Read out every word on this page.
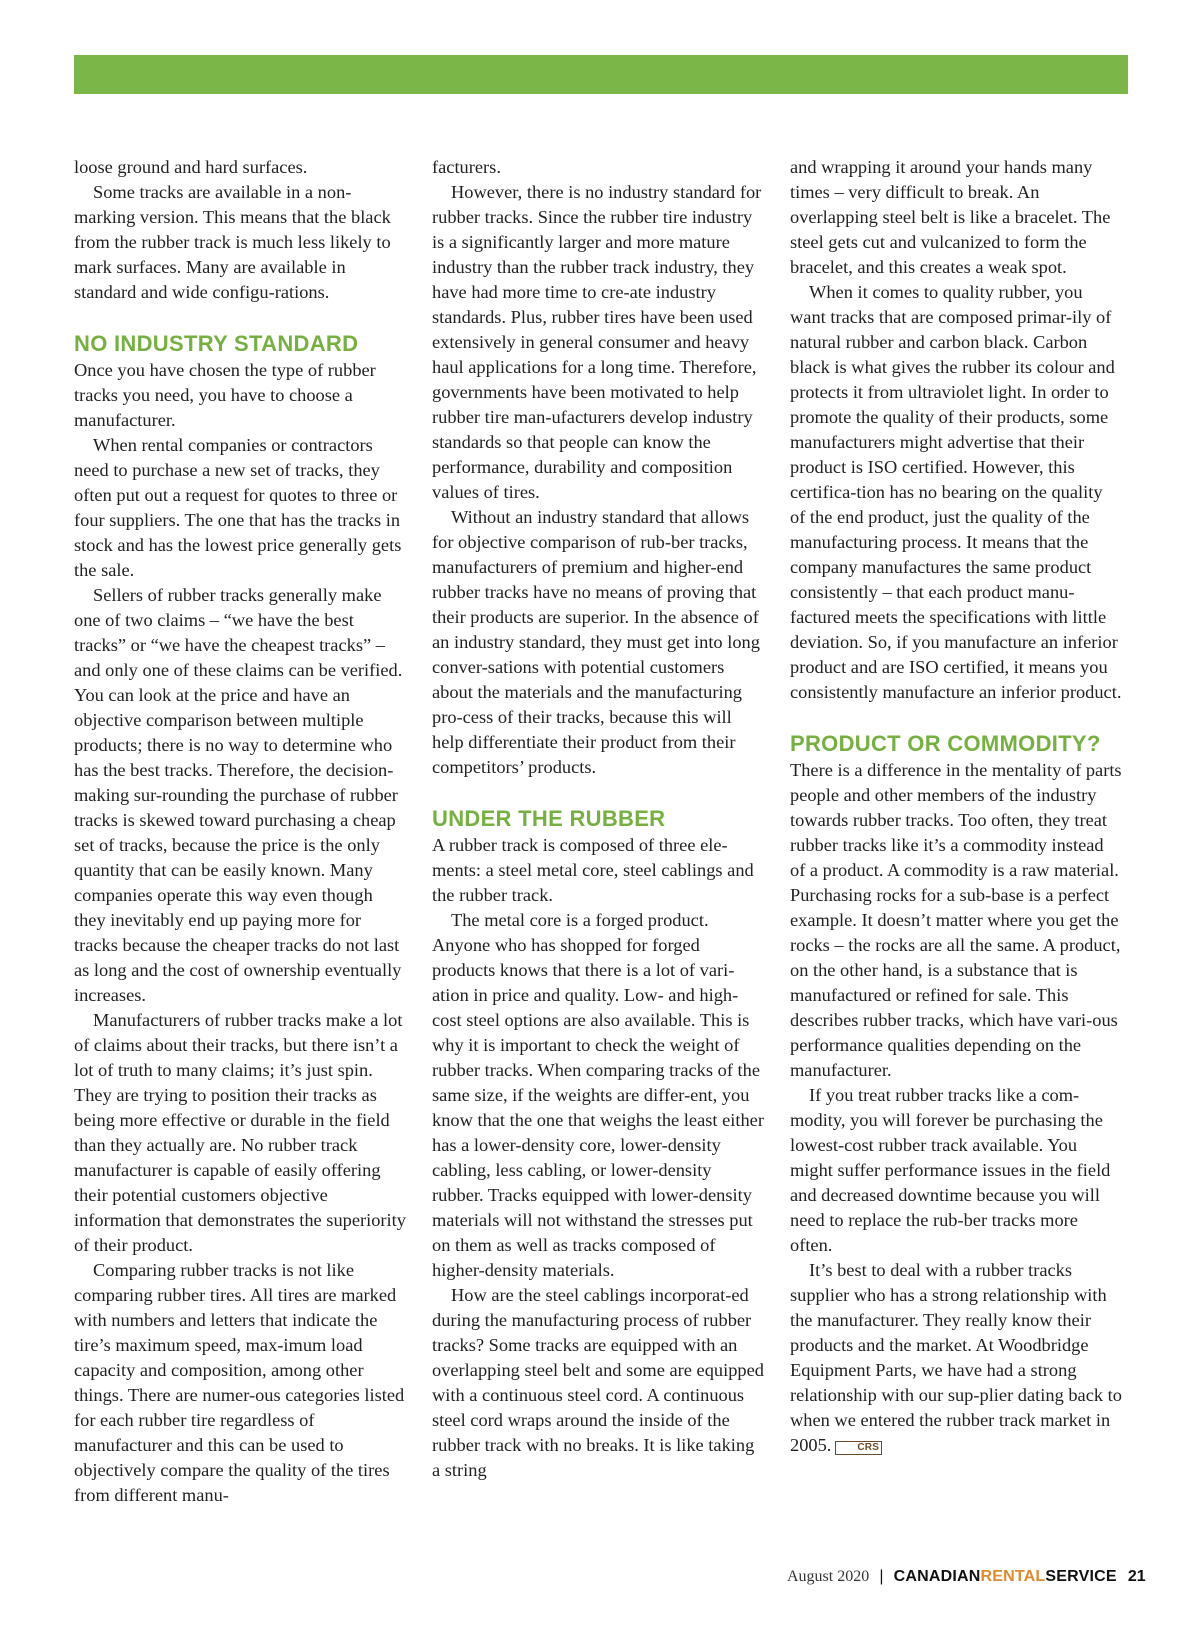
loose ground and hard surfaces.

Some tracks are available in a non-marking version. This means that the black from the rubber track is much less likely to mark surfaces. Many are available in standard and wide configu-rations.

NO INDUSTRY STANDARD

Once you have chosen the type of rubber tracks you need, you have to choose a manufacturer.

When rental companies or contractors need to purchase a new set of tracks, they often put out a request for quotes to three or four suppliers. The one that has the tracks in stock and has the lowest price generally gets the sale.

Sellers of rubber tracks generally make one of two claims – “we have the best tracks” or “we have the cheapest tracks” – and only one of these claims can be verified. You can look at the price and have an objective comparison between multiple products; there is no way to determine who has the best tracks. Therefore, the decision-making sur-rounding the purchase of rubber tracks is skewed toward purchasing a cheap set of tracks, because the price is the only quantity that can be easily known. Many companies operate this way even though they inevitably end up paying more for tracks because the cheaper tracks do not last as long and the cost of ownership eventually increases.

Manufacturers of rubber tracks make a lot of claims about their tracks, but there isn’t a lot of truth to many claims; it’s just spin. They are trying to position their tracks as being more effective or durable in the field than they actually are. No rubber track manufacturer is capable of easily offering their potential customers objective information that demonstrates the superiority of their product.

Comparing rubber tracks is not like comparing rubber tires. All tires are marked with numbers and letters that indicate the tire’s maximum speed, max-imum load capacity and composition, among other things. There are numer-ous categories listed for each rubber tire regardless of manufacturer and this can be used to objectively compare the quality of the tires from different manu-

facturers.

However, there is no industry standard for rubber tracks. Since the rubber tire industry is a significantly larger and more mature industry than the rubber track industry, they have had more time to cre-ate industry standards. Plus, rubber tires have been used extensively in general consumer and heavy haul applications for a long time. Therefore, governments have been motivated to help rubber tire man-ufacturers develop industry standards so that people can know the performance, durability and composition values of tires.

Without an industry standard that allows for objective comparison of rub-ber tracks, manufacturers of premium and higher-end rubber tracks have no means of proving that their products are superior. In the absence of an industry standard, they must get into long conver-sations with potential customers about the materials and the manufacturing pro-cess of their tracks, because this will help differentiate their product from their competitors’ products.

UNDER THE RUBBER

A rubber track is composed of three ele-ments: a steel metal core, steel cablings and the rubber track.

The metal core is a forged product. Anyone who has shopped for forged products knows that there is a lot of vari-ation in price and quality. Low- and high-cost steel options are also available. This is why it is important to check the weight of rubber tracks. When comparing tracks of the same size, if the weights are differ-ent, you know that the one that weighs the least either has a lower-density core, lower-density cabling, less cabling, or lower-density rubber. Tracks equipped with lower-density materials will not withstand the stresses put on them as well as tracks composed of higher-density materials.

How are the steel cablings incorporat-ed during the manufacturing process of rubber tracks? Some tracks are equipped with an overlapping steel belt and some are equipped with a continuous steel cord. A continuous steel cord wraps around the inside of the rubber track with no breaks. It is like taking a string

and wrapping it around your hands many times – very difficult to break. An overlapping steel belt is like a bracelet. The steel gets cut and vulcanized to form the bracelet, and this creates a weak spot.

When it comes to quality rubber, you want tracks that are composed primar-ily of natural rubber and carbon black. Carbon black is what gives the rubber its colour and protects it from ultraviolet light. In order to promote the quality of their products, some manufacturers might advertise that their product is ISO certified. However, this certifica-tion has no bearing on the quality of the end product, just the quality of the manufacturing process. It means that the company manufactures the same product consistently – that each product manu-factured meets the specifications with little deviation. So, if you manufacture an inferior product and are ISO certified, it means you consistently manufacture an inferior product.

PRODUCT OR COMMODITY?

There is a difference in the mentality of parts people and other members of the industry towards rubber tracks. Too often, they treat rubber tracks like it’s a commodity instead of a product. A commodity is a raw material. Purchasing rocks for a sub-base is a perfect example. It doesn’t matter where you get the rocks – the rocks are all the same. A product, on the other hand, is a substance that is manufactured or refined for sale. This describes rubber tracks, which have vari-ous performance qualities depending on the manufacturer.

If you treat rubber tracks like a com-modity, you will forever be purchasing the lowest-cost rubber track available. You might suffer performance issues in the field and decreased downtime because you will need to replace the rub-ber tracks more often.

It’s best to deal with a rubber tracks supplier who has a strong relationship with the manufacturer. They really know their products and the market. At Woodbridge Equipment Parts, we have had a strong relationship with our sup-plier dating back to when we entered the rubber track market in 2005.	CRS

August 2020 | CANADIANRENTALSERVICE 21
